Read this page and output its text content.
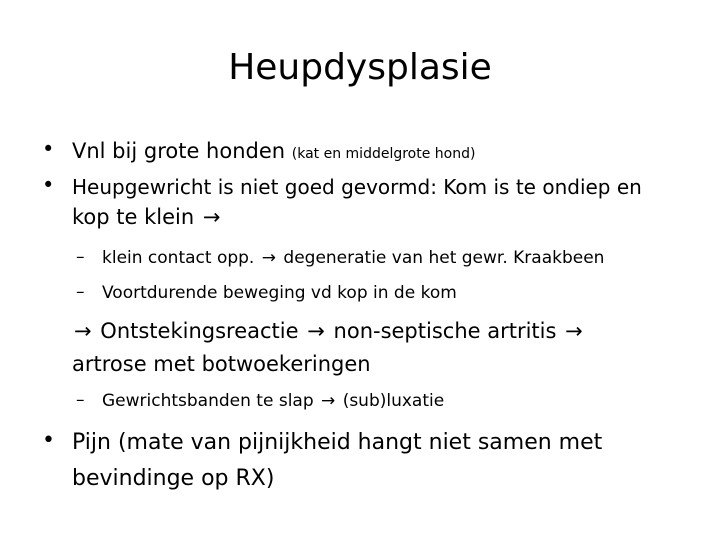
Heupdysplasie
• Vnl bij grote honden (kat en middelgrote hond)
• Heupgewricht is niet goed gevormd: Kom is te ondiep en
kop te klein →
– klein contact opp. → degeneratie van het gewr. Kraakbeen
– Voortdurende beweging vd kop in de kom
→ Ontstekingsreactie → non-septische artritis →
artrose met botwoekeringen
– Gewrichtsbanden te slap → (sub)luxatie
• Pijn (mate van pijnijkheid hangt niet samen met
bevindinge op RX)
